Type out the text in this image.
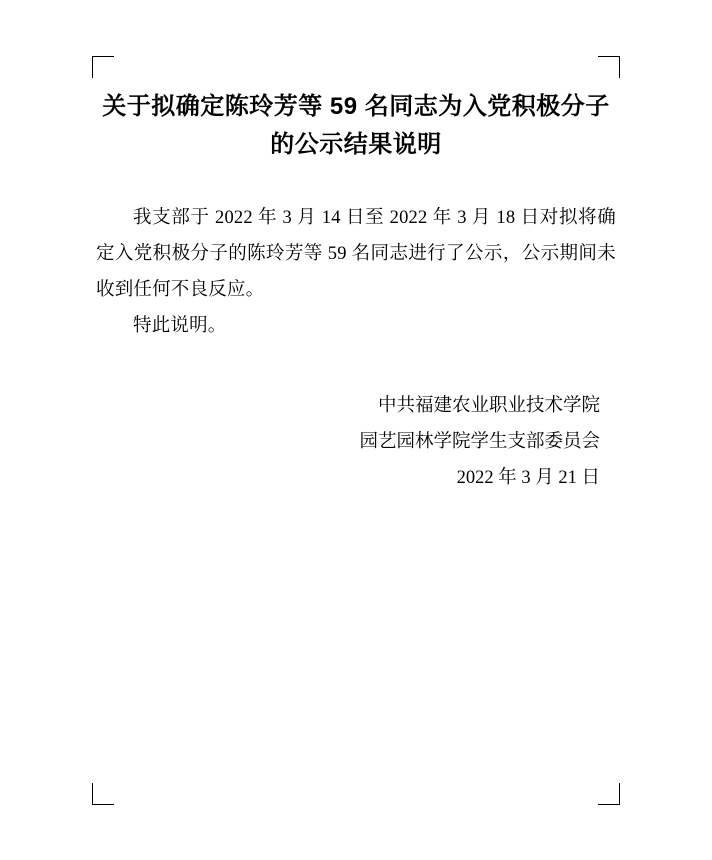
关于拟确定陈玲芳等 59 名同志为入党积极分子
的公示结果说明

我支部于 2022 年 3 月 14 日至 2022 年 3 月 18 日对拟将确定入党积极分子的陈玲芳等 59 名同志进行了公示，公示期间未收到任何不良反应。

特此说明。

中共福建农业职业技术学院
园艺园林学院学生支部委员会
2022 年 3 月 21 日
